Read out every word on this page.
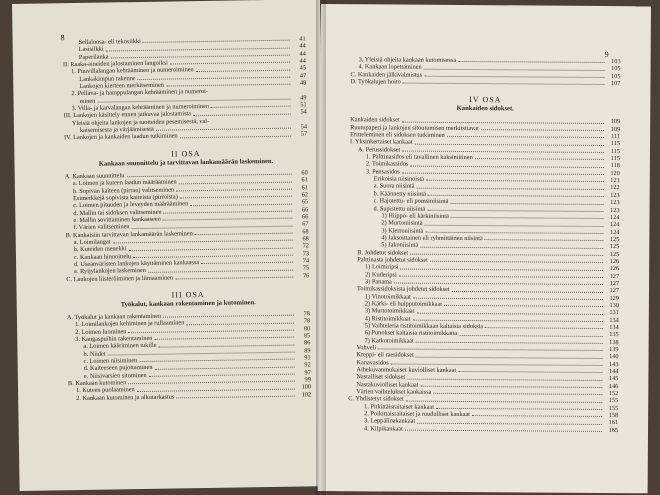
8 Sellaloosa- eli tekosilkki	41
Lasisilkki	44
Paperilanka	44
II. Raaka-aineiden jalostaminen langoiksi	44
1. Puuvillalangan kehrääminen ja numeroiminen	45
Lankakimpun rakenne	47
Lankojen kierteen merkitseminen	48
2. Pellava- ja hamppulangan kehrääminen ja numeroi-
minen	49
3. Villa- ja karvalangan kehrääminen ja numeroiminen	51
III. Lankojen käsittely ennen jatkuvaa jalostamista	54
Yleisiä ohjeita lankojen ja tuotteiden pesemisestä, val-
kaisemisesta ja värjäämisestä	54
IV. Lankojen ja kankaiden laadun tutkiminen	57
II OSA
Kankaan suunnittelu ja tarvittavan lankamäärän laskeminen.
A. Kankaan suunnittelu	60
a. Loimen ja kuteen laadun määrääminen	61
b. Sopivan kaiteen (pirran) valitseminen	61
Esimerkkejä sopivista kaiteista (pirroista)	62
c. Loimen pituuden ja leveyden määrääminen	65
d. Mallin tai sidoksen valitseminen	66
e. Mallin sovittaminen kankaaseen	66
f. Värien valitseminen	67
B. Kankaisiin tarvittavan lankamäärän laskeminen	68
a. Loimilangat	68
b. Kuteiden menekki	72
c. Kankaan hinnoittelu	73
d. Useanväristen lankojen käyttäminen kankaassa	74
e. Ryijylankojen laskeminen	75
C. Lankojen liisteröiminen ja liimaaminen	76
III OSA
Työkalut, kankaan rakentaminen ja kutominen.
A. Työkalut ja kankaan rakentaminen	78
1. Loimilankojen kehiminen ja rullaaminen	78
2. Loimen luominen	80
3. Kangaspuihin rakentaminen	85
a. Loimen kääriminen tukille	86
b. Niidet	89
c. Loimen niisiminen	91
d. Kaiteeseen pujottaminen	92
e. Niisivarsien sitominen	97
B. Kankaan kutominen	99
1. Kuteen puolaaminen	100
2. Kankaan kutominen ja alkutarkastus	102
9
3. Yleisiä ohjeita kankaan kutomisessa	103
4. Kankaan lopettaminen	105
C. Kankaiden jälkivalmistus	105
D. Työkalujen hoito	107
IV OSA
Kankaiden sidokset.
Kankaiden sidokset	109
Ruutupaperi ja lankojen sitoutumisen merkitsttavat	109
Eritteleminen eli sidoksen tutkiminen	111
I. Yksinkertaiset kankaat	115
A. Perussidokset	115
1. Palttinasidos eli tavallinen kaksiniitinen	115
2. Toimikassidos	118
3. Pensasidos	120
Erikoisia niisinoistä	121
a. Suora niisintä	122
b. Käännetty niisintä	123
c. Hajotettu- eli pomsiniisintä	123
d. Supistettu niisintä	123
1) Hiippo- eli kärkiniisintä	124
2) Murtoniisintä	124
3) Kierroniisintä	124
4) Jaksoittainen eli ryhmittäinen niisintä	125
5) Jakoniisintä	125
B. Johdetut sidokset	125
Palttinasta johdetut sidokset	126
1) Loimiripsi	126
2) Kuderipsi	127
3) Panama	127
Toimikassidoksista johdetut sidokset	127
1) Vinotoimikkaat	129
2) Kärki- eli huipputoimikkaat	130
3) Murtotoimikkaat	131
4) Ristitoimikkaat	134
5) Vaihteleria ristitoimikkaan kaltaisia sidoksia	134
6) Punokset kaltaisia ristitoimikkaita	135
7) Katkotoimikkaat	138
Vohveli	139
Kreppi- eli raesidokset	140
Kanavasidos	143
Aihekuvanmukaiset kuviolliset kankaat	144
Nastalliset sidokset	145
Nastakuviolliset kankaat	146
Värien vaihtelukset kankaissa	152
C. Yhdistetyt sidokset	155
1. Pitkittäisraitaiset kankaat	155
2. Poikittaisraitaiset ja ruudulliset kankaat	158
3. Leppälinakankaat	161
4. Kilpikankaat	165
